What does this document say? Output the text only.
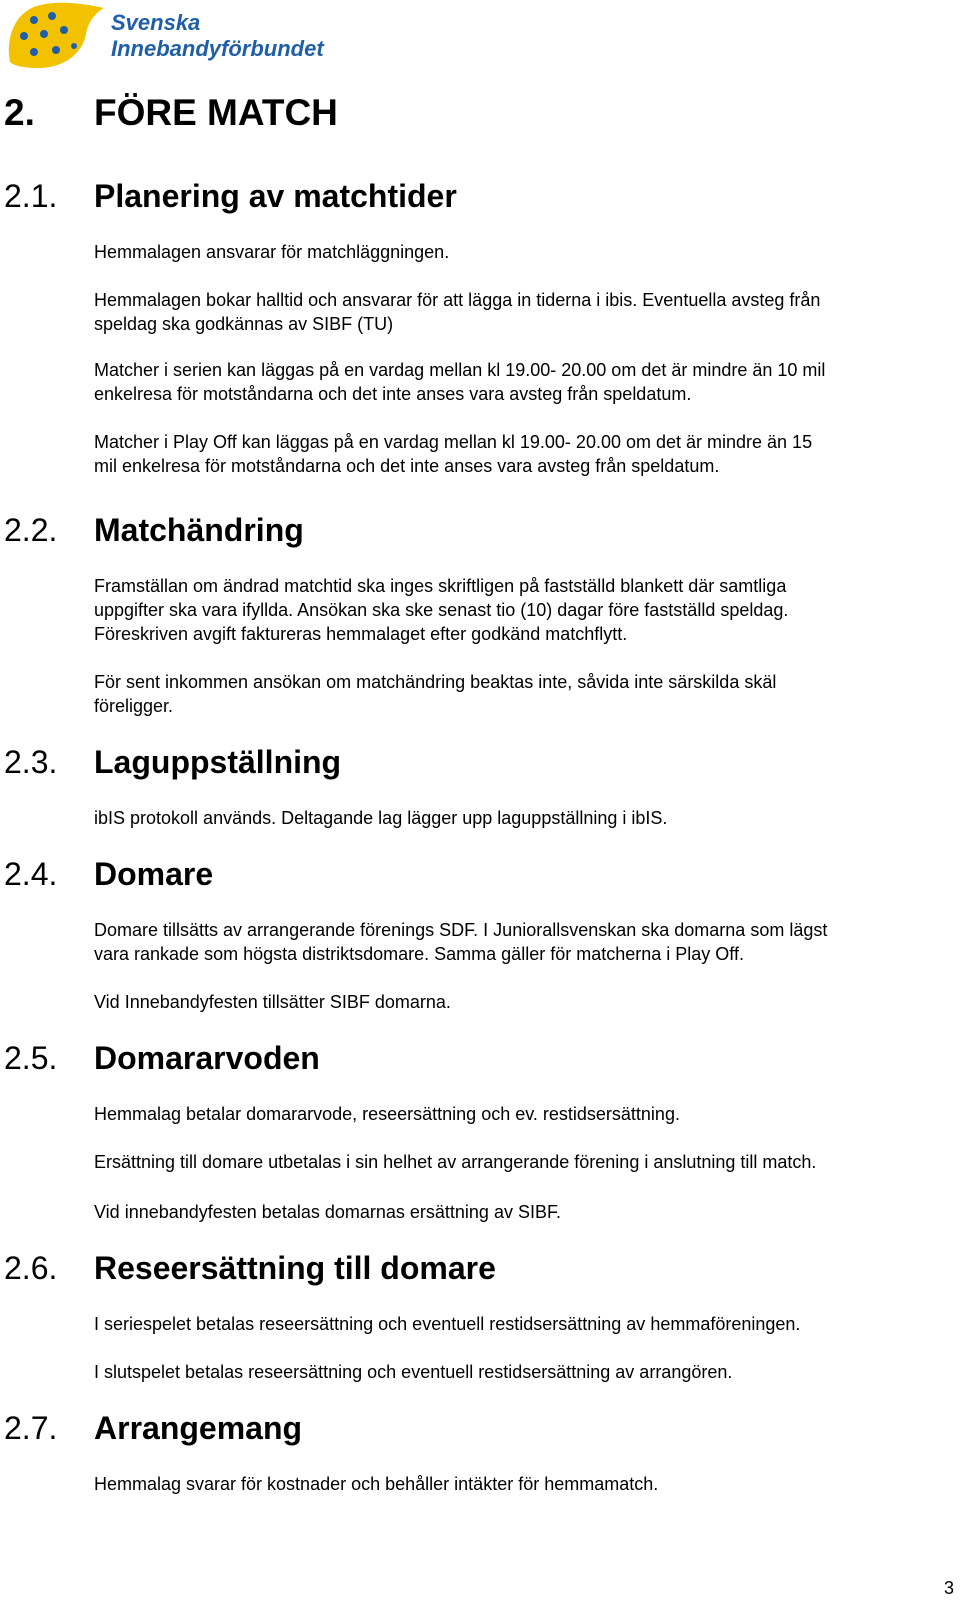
Svenska
Innebandyförbundet
2. FÖRE MATCH
2.1. Planering av matchtider
Hemmalagen ansvarar för matchläggningen.
Hemmalagen bokar halltid och ansvarar för att lägga in tiderna i ibis. Eventuella avsteg från
speldag ska godkännas av SIBF (TU)
Matcher i serien kan läggas på en vardag mellan kl 19.00- 20.00 om det är mindre än 10 mil
enkelresa för motståndarna och det inte anses vara avsteg från speldatum.
Matcher i Play Off kan läggas på en vardag mellan kl 19.00- 20.00 om det är mindre än 15
mil enkelresa för motståndarna och det inte anses vara avsteg från speldatum.
2.2. Matchändring
Framställan om ändrad matchtid ska inges skriftligen på fastställd blankett där samtliga
uppgifter ska vara ifyllda. Ansökan ska ske senast tio (10) dagar före fastställd speldag.
Föreskriven avgift faktureras hemmalaget efter godkänd matchflytt.
För sent inkommen ansökan om matchändring beaktas inte, såvida inte särskilda skäl
föreligger.
2.3. Laguppställning
ibIS protokoll används. Deltagande lag lägger upp laguppställning i ibIS.
2.4. Domare
Domare tillsätts av arrangerande förenings SDF. I Juniorallsvenskan ska domarna som lägst
vara rankade som högsta distriktsdomare. Samma gäller för matcherna i Play Off.
Vid Innebandyfesten tillsätter SIBF domarna.
2.5. Domararvoden
Hemmalag betalar domararvode, reseersättning och ev. restidsersättning.
Ersättning till domare utbetalas i sin helhet av arrangerande förening i anslutning till match.
Vid innebandyfesten betalas domarnas ersättning av SIBF.
2.6. Reseersättning till domare
I seriespelet betalas reseersättning och eventuell restidsersättning av hemmaföreningen.
I slutspelet betalas reseersättning och eventuell restidsersättning av arrangören.
2.7. Arrangemang
Hemmalag svarar för kostnader och behåller intäkter för hemmamatch.
3
